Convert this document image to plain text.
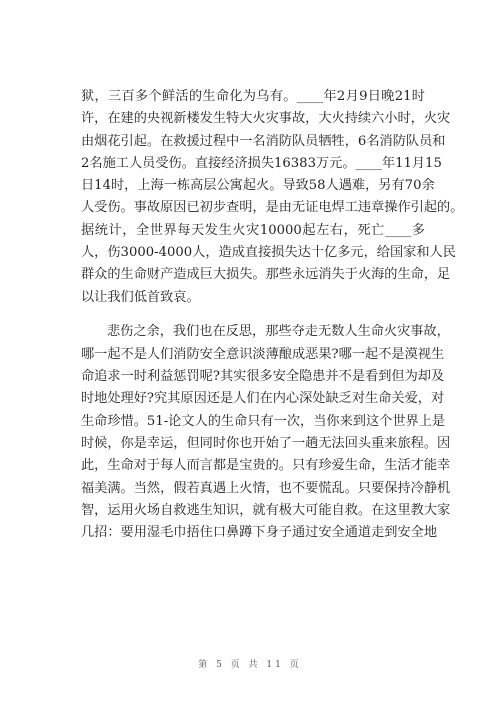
狱，三百多个鲜活的生命化为乌有。____年2月9日晚21时
许，在建的央视新楼发生特大火灾事故，大火持续六小时，火灾
由烟花引起。在救援过程中一名消防队员牺牲，6名消防队员和
2名施工人员受伤。直接经济损失16383万元。____年11月15
日14时，上海一栋高层公寓起火。导致58人遇难，另有70余
人受伤。事故原因已初步查明，是由无证电焊工违章操作引起的。
据统计，全世界每天发生火灾10000起左右，死亡____多
人，伤3000-4000人，造成直接损失达十亿多元，给国家和人民
群众的生命财产造成巨大损失。那些永远消失于火海的生命，足
以让我们低首致哀。
悲伤之余，我们也在反思，那些夺走无数人生命火灾事故，
哪一起不是人们消防安全意识淡薄酿成恶果?哪一起不是漠视生
命追求一时利益惩罚呢?其实很多安全隐患并不是看到但为却及
时地处理好?究其原因还是人们在内心深处缺乏对生命关爱，对
生命珍惜。51-论文人的生命只有一次，当你来到这个世界上是
时候，你是幸运，但同时你也开始了一趟无法回头重来旅程。因
此，生命对于每人而言都是宝贵的。只有珍爱生命，生活才能幸
福美满。当然，假若真遇上火情，也不要慌乱。只要保持冷静机
智，运用火场自救逃生知识，就有极大可能自救。在这里教大家
几招：要用湿毛巾捂住口鼻蹲下身子通过安全通道走到安全地
第 5 页 共 11 页
